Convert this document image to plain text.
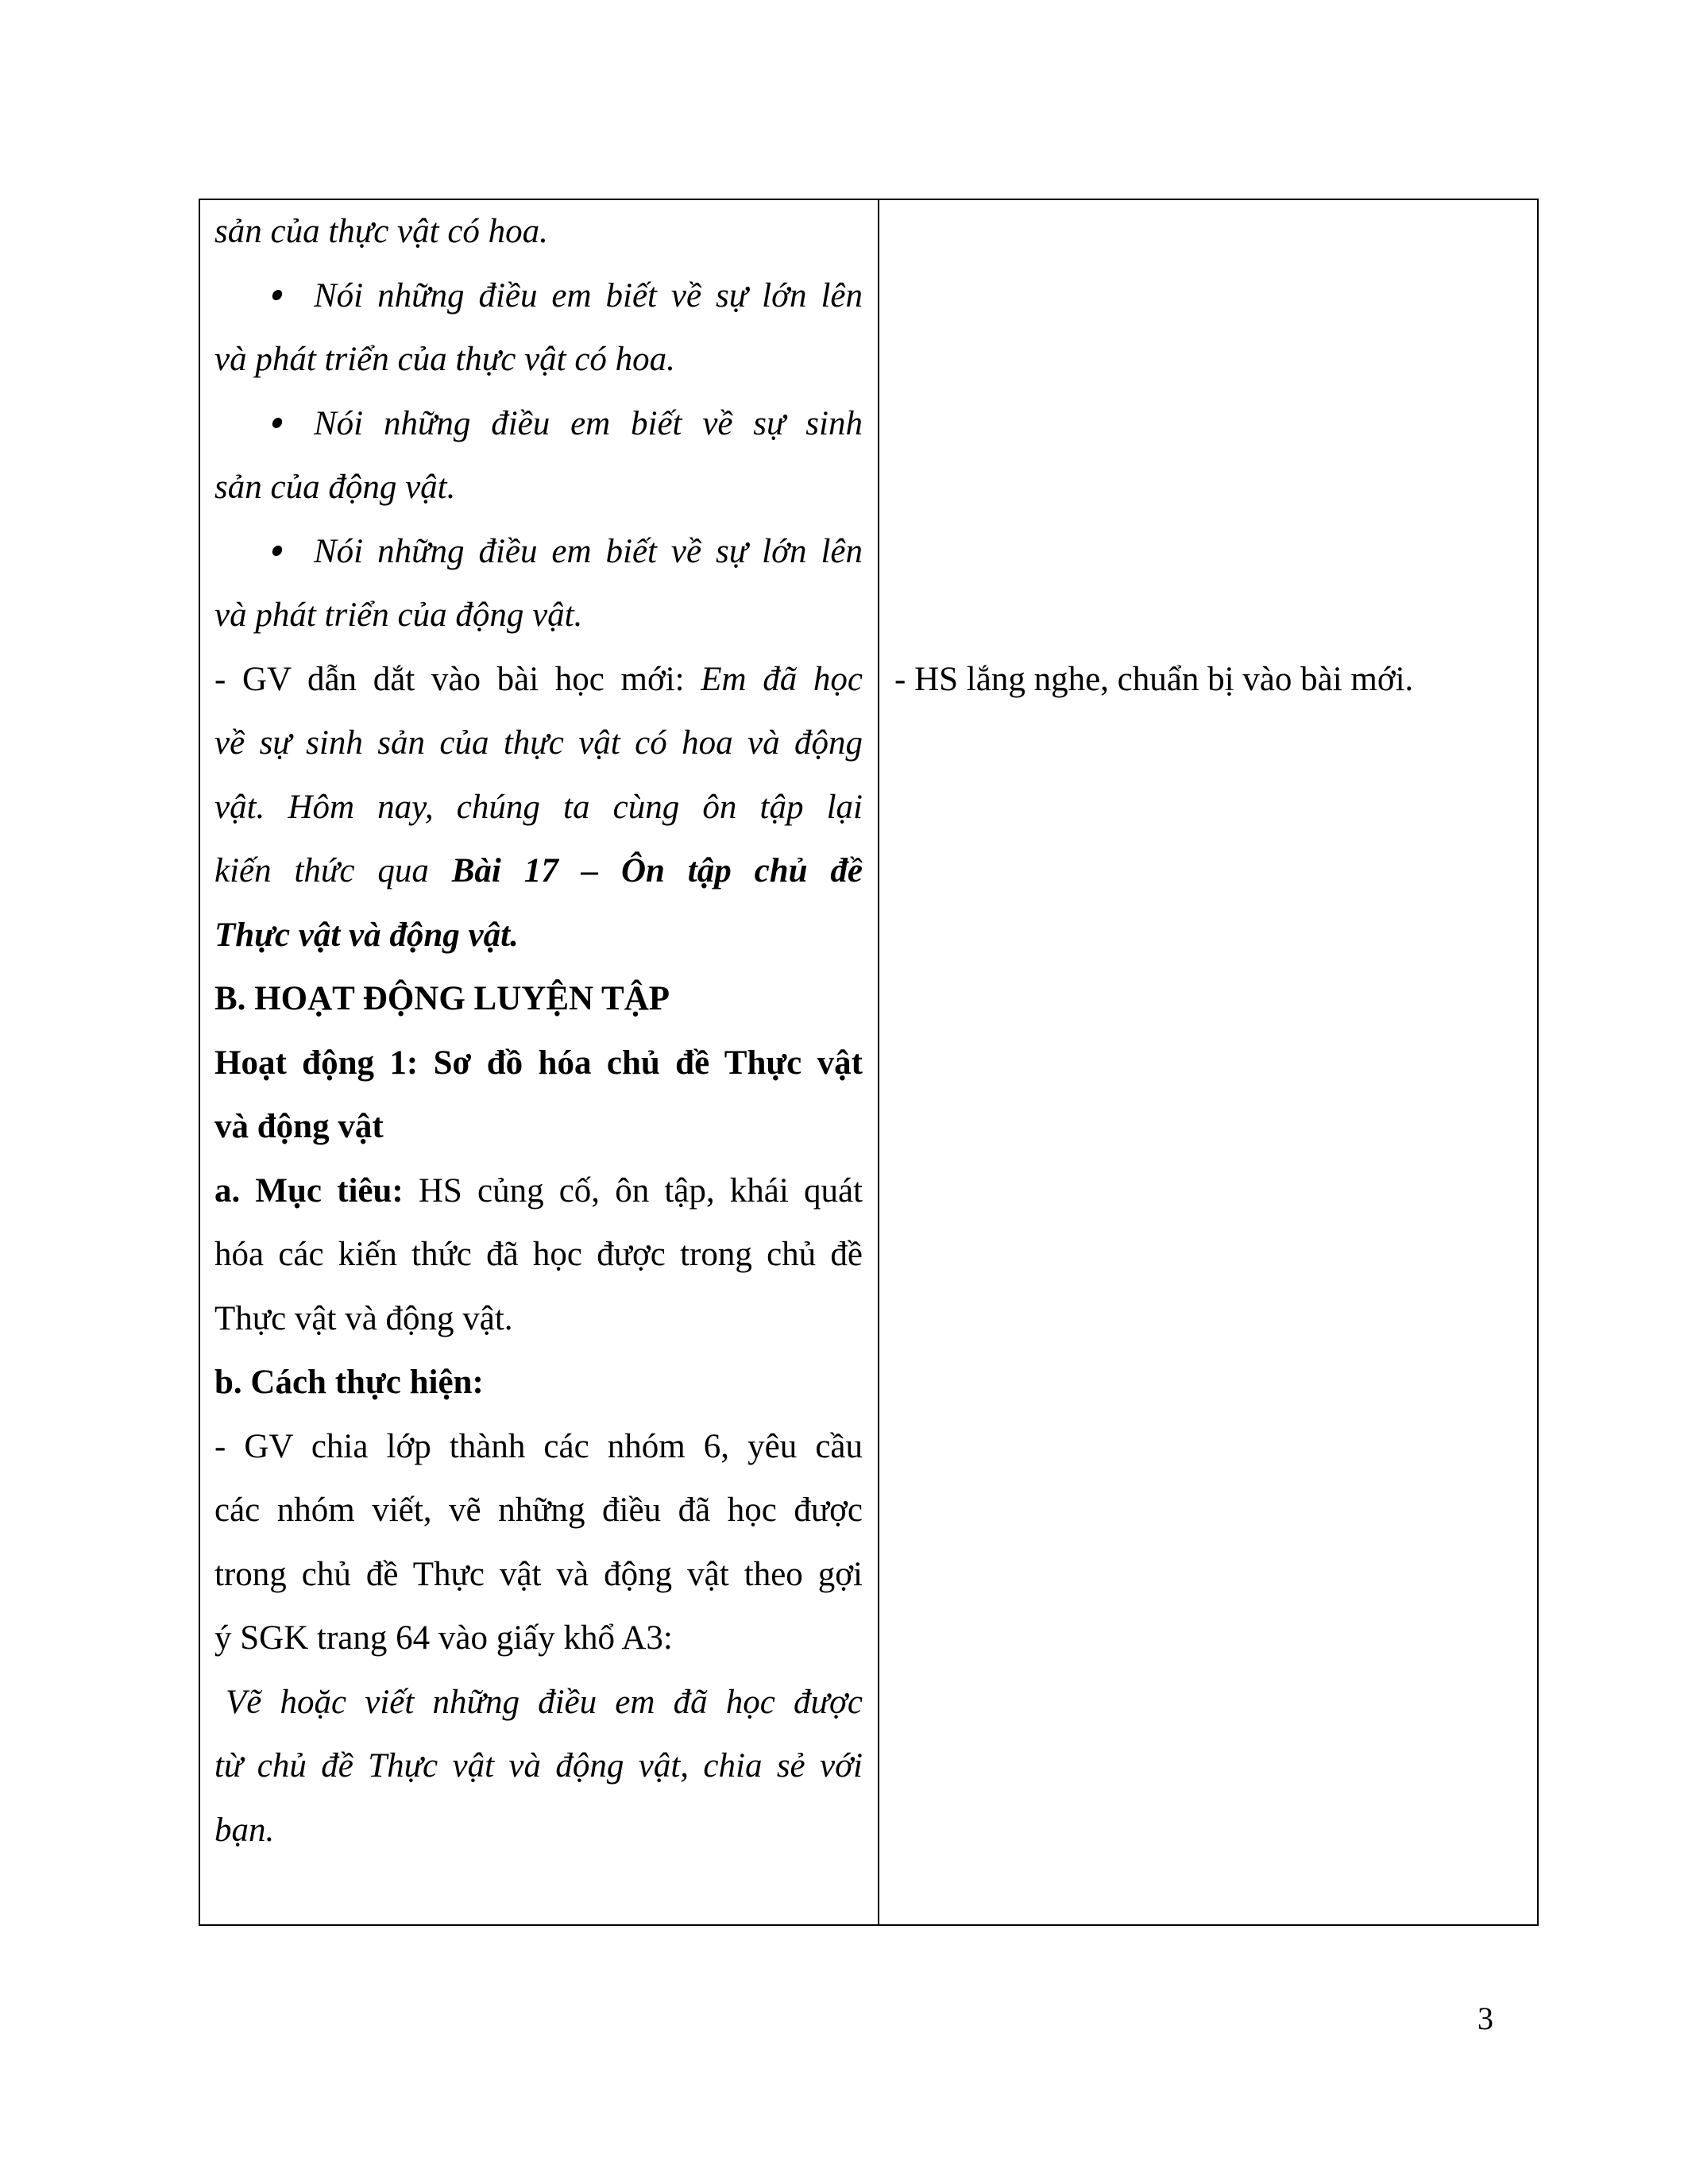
sản của thực vật có hoa.
Nói những điều em biết về sự lớn lên
và phát triển của thực vật có hoa.
Nói những điều em biết về sự sinh
sản của động vật.
Nói những điều em biết về sự lớn lên
và phát triển của động vật.
- GV dẫn dắt vào bài học mới: Em đã học
về sự sinh sản của thực vật có hoa và động
vật. Hôm nay, chúng ta cùng ôn tập lại
kiến thức qua Bài 17 – Ôn tập chủ đề
Thực vật và động vật.
B. HOẠT ĐỘNG LUYỆN TẬP
Hoạt động 1: Sơ đồ hóa chủ đề Thực vật
và động vật
a. Mục tiêu: HS củng cố, ôn tập, khái quát
hóa các kiến thức đã học được trong chủ đề
Thực vật và động vật.
b. Cách thực hiện:
- GV chia lớp thành các nhóm 6, yêu cầu
các nhóm viết, vẽ những điều đã học được
trong chủ đề Thực vật và động vật theo gợi
ý SGK trang 64 vào giấy khổ A3:
Vẽ hoặc viết những điều em đã học được
từ chủ đề Thực vật và động vật, chia sẻ với
bạn.
- HS lắng nghe, chuẩn bị vào bài mới.
3
